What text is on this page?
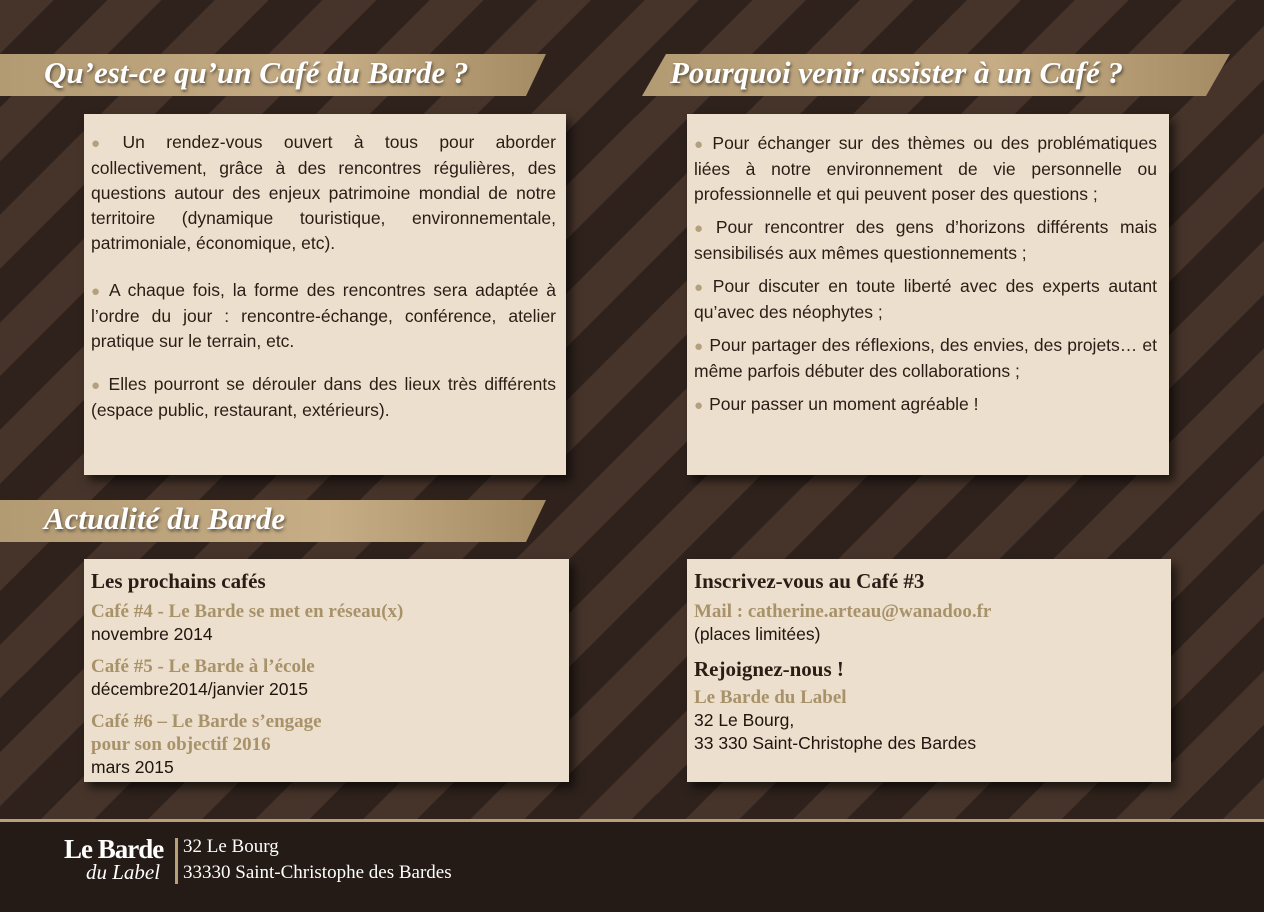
Qu’est-ce qu’un Café du Barde ?	Pourquoi venir assister à un Café ?

● Un rendez-vous ouvert à tous pour aborder collectivement, grâce à des rencontres régulières, des questions autour des enjeux patrimoine mondial de notre territoire (dynamique touristique, environnementale, patrimoniale, économique, etc).

● A chaque fois, la forme des rencontres sera adaptée à l’ordre du jour : rencontre-échange, conférence, atelier pratique sur le terrain, etc.

● Elles pourront se dérouler dans des lieux très différents (espace public, restaurant, extérieurs).

● Pour échanger sur des thèmes ou des problématiques liées à notre environnement de vie personnelle ou professionnelle et qui peuvent poser des questions ;

● Pour rencontrer des gens d’horizons différents mais sensibilisés aux mêmes questionnements ;

● Pour discuter en toute liberté avec des experts autant qu’avec des néophytes ;

● Pour partager des réflexions, des envies, des projets… et même parfois débuter des collaborations ;

● Pour passer un moment agréable !

Actualité du Barde
Les prochains cafés
Café #4 - Le Barde se met en réseau(x)
novembre 2014
Café #5 - Le Barde à l’école
décembre2014/janvier 2015
Café #6 – Le Barde s’engage
pour son objectif 2016
mars 2015
Inscrivez-vous au Café #3
Mail : catherine.arteau@wanadoo.fr
(places limitées)
Rejoignez-nous !
Le Barde du Label
32 Le Bourg,
33 330 Saint-Christophe des Bardes

Le Barde

du Label

32 Le Bourg
33330 Saint-Christophe des Bardes
